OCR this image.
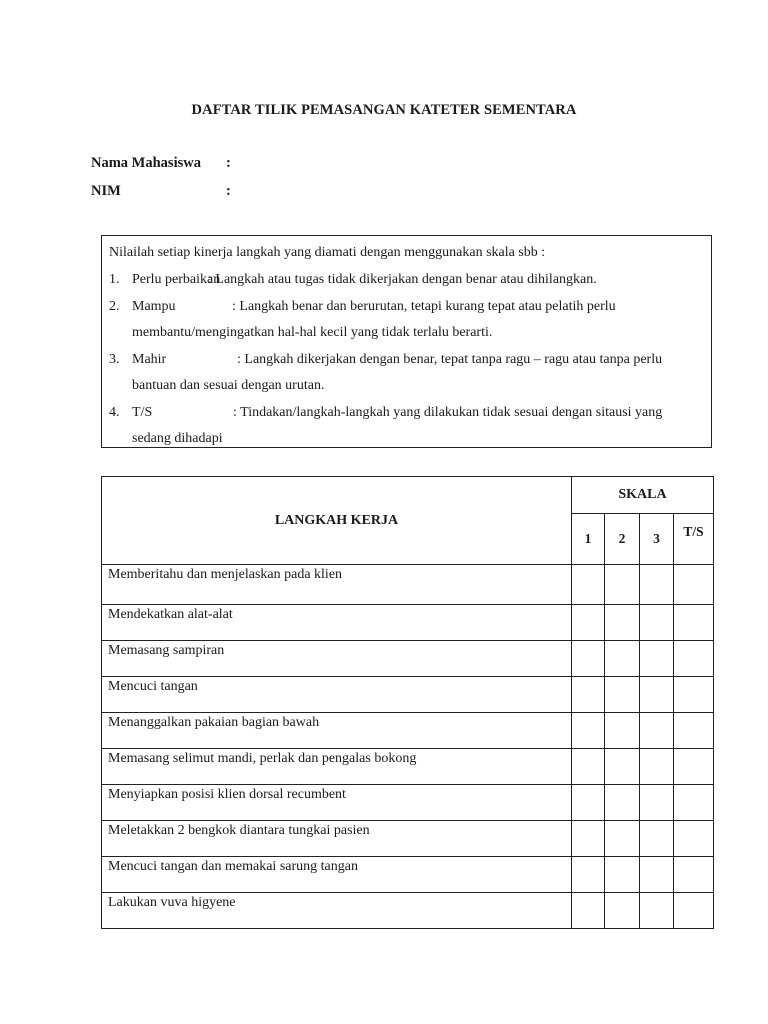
DAFTAR TILIK PEMASANGAN KATETER SEMENTARA
Nama Mahasiswa :
NIM	:
Nilailah setiap kinerja langkah yang diamati dengan menggunakan skala sbb :
1. Perlu perbaikan
: Langkah atau tugas tidak dikerjakan dengan benar atau dihilangkan.
2. Mampu	: Langkah benar dan berurutan, tetapi kurang tepat atau pelatih perlu
membantu/mengingatkan hal-hal kecil yang tidak terlalu berarti.
3. Mahir	: Langkah dikerjakan dengan benar, tepat tanpa ragu – ragu atau tanpa perlu
bantuan dan sesuai dengan urutan.
4. T/S	: Tindakan/langkah-langkah yang dilakukan tidak sesuai dengan sitausi yang
sedang dihadapi
LANGKAH KERJA	SKALA			
	1	2	3	T/S
Memberitahu dan menjelaskan pada klien				
Mendekatkan alat-alat				
Memasang sampiran				
Mencuci tangan				
Menanggalkan pakaian bagian bawah				
Memasang selimut mandi, perlak dan pengalas bokong				
Menyiapkan posisi klien dorsal recumbent				
Meletakkan 2 bengkok diantara tungkai pasien				
Mencuci tangan dan memakai sarung tangan				
Lakukan vuva higyene				
